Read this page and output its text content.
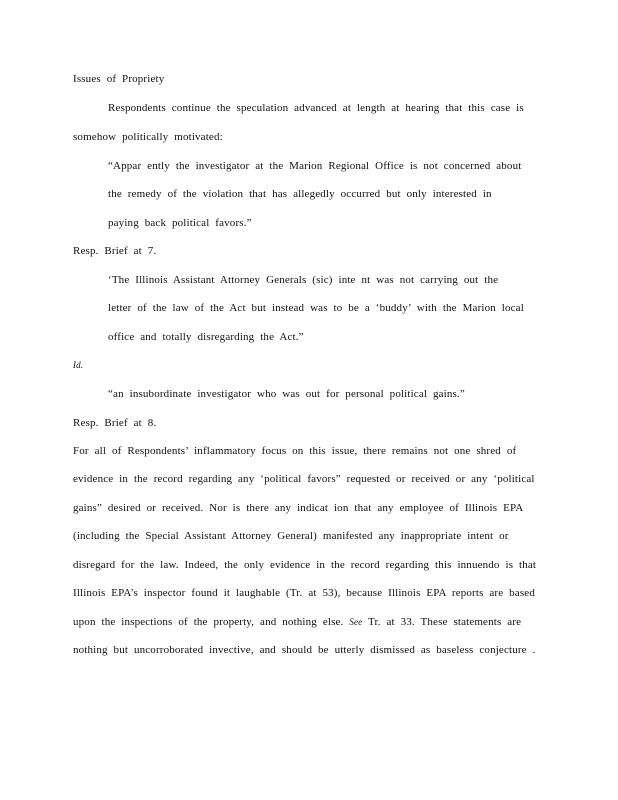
Issues of Propriety
Respondents continue the speculation advanced at length at hearing that this case is
somehow politically motivated:
“Appar ently the investigator at the Marion Regional Office is not concerned about
the remedy of the violation that has allegedly occurred but only interested in
paying back political favors.”
Resp. Brief at 7.
‘The Illinois Assistant Attorney Generals (sic) inte nt was not carrying out the
letter of the law of the Act but instead was to be a ‘buddy’ with the Marion local
office and totally disregarding the Act.”
Id.
“an insubordinate investigator who was out for personal political gains.”
Resp. Brief at 8.
For all of Respondents’ inflammatory focus on this issue, there remains not one shred of
evidence in the record regarding any ‘political favors” requested or received or any ‘political
gains” desired or received. Nor is there any indicat ion that any employee of Illinois EPA
(including the Special Assistant Attorney General) manifested any inappropriate intent or
disregard for the law. Indeed, the only evidence in the record regarding this innuendo is that
Illinois EPA’s inspector found it laughable (Tr. at 53), because Illinois EPA reports are based
upon the inspections of the property, and nothing else. See Tr. at 33. These statements are
nothing but uncorroborated invective, and should be utterly dismissed as baseless conjecture .
